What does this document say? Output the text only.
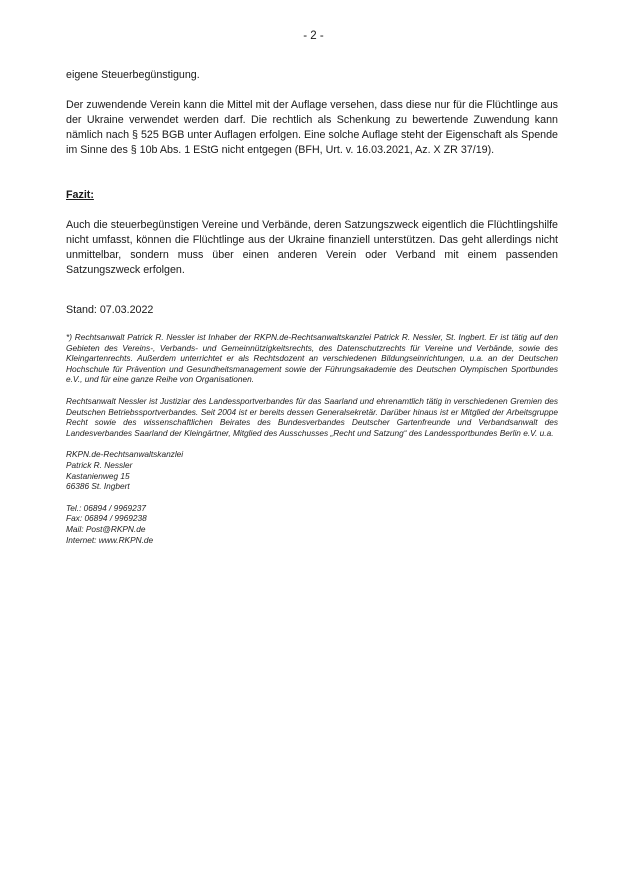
- 2 -

eigene Steuerbegünstigung.

Der zuwendende Verein kann die Mittel mit der Auflage versehen, dass diese nur für die Flüchtlinge aus der Ukraine verwendet werden darf. Die rechtlich als Schenkung zu bewertende Zuwendung kann nämlich nach § 525 BGB unter Auflagen erfolgen. Eine solche Auflage steht der Eigenschaft als Spende im Sinne des § 10b Abs. 1 EStG nicht entgegen (BFH, Urt. v. 16.03.2021, Az. X ZR 37/19).

Fazit:

Auch die steuerbegünstigen Vereine und Verbände, deren Satzungszweck eigentlich die Flüchtlingshilfe nicht umfasst, können die Flüchtlinge aus der Ukraine finanziell unterstützen. Das geht allerdings nicht unmittelbar, sondern muss über einen anderen Verein oder Verband mit einem passenden Satzungszweck erfolgen.

Stand: 07.03.2022

*) Rechtsanwalt Patrick R. Nessler ist Inhaber der RKPN.de-Rechtsanwaltskanzlei Patrick R. Nessler, St. Ingbert. Er ist tätig auf den Gebieten des Vereins-, Verbands- und Gemeinnützigkeitsrechts, des Datenschutzrechts für Vereine und Verbände, sowie des Kleingartenrechts. Außerdem unterrichtet er als Rechtsdozent an verschiedenen Bildungseinrichtungen, u.a. an der Deutschen Hochschule für Prävention und Gesundheitsmanagement sowie der Führungsakademie des Deutschen Olympischen Sportbundes e.V., und für eine ganze Reihe von Organisationen.

Rechtsanwalt Nessler ist Justiziar des Landessportverbandes für das Saarland und ehrenamtlich tätig in verschiedenen Gremien des Deutschen Betriebssportverbandes. Seit 2004 ist er bereits dessen Generalsekretär. Darüber hinaus ist er Mitglied der Arbeitsgruppe Recht sowie des wissenschaftlichen Beirates des Bundesverbandes Deutscher Gartenfreunde und Verbandsanwalt des Landesverbandes Saarland der Kleingärtner, Mitglied des Ausschusses „Recht und Satzung“ des Landessportbundes Berlin e.V. u.a.

RKPN.de-Rechtsanwaltskanzlei
Patrick R. Nessler
Kastanienweg 15
66386 St. Ingbert
Tel.: 06894 / 9969237
Fax: 06894 / 9969238
Mail: Post@RKPN.de
Internet: www.RKPN.de
